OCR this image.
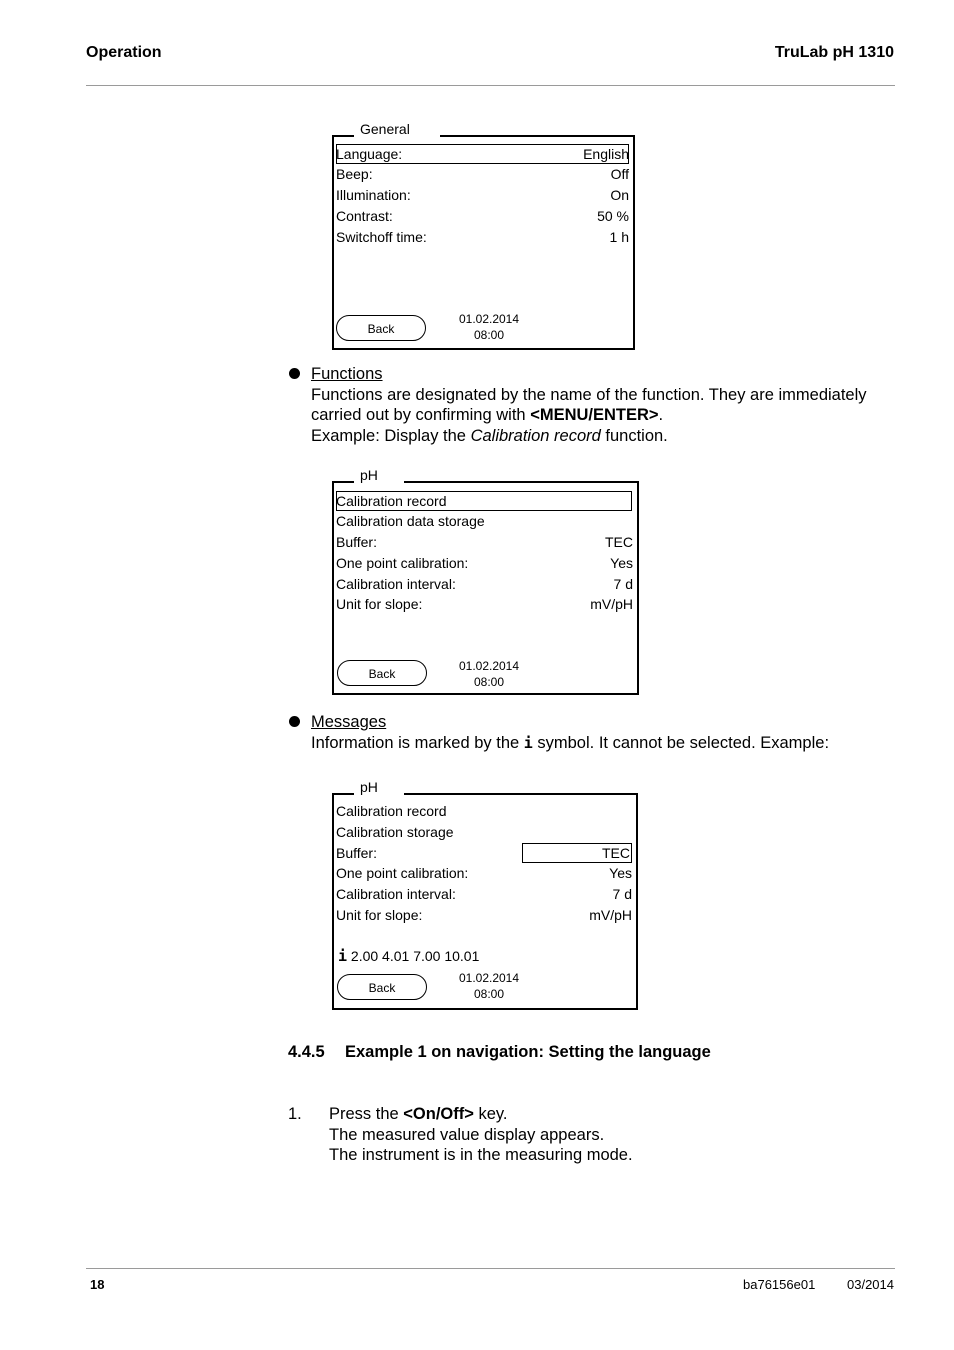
Operation	TruLab pH 1310
General
Language:	English
Beep:	Off
Illumination:	On
Contrast:	50 %
Switchoff time:	1 h
Back
01.02.2014
08:00
Functions
Functions are designated by the name of the function. They are immediately
carried out by confirming with <MENU/ENTER>.
Example: Display the Calibration record function.
pH
Calibration record
Calibration data storage
Buffer:	TEC
One point calibration:	Yes
Calibration interval:	7 d
Unit for slope:	mV/pH
Back
01.02.2014
08:00
Messages
Information is marked by the i symbol. It cannot be selected. Example:
pH
Calibration record
Calibration storage
Buffer:	TEC
One point calibration:	Yes
Calibration interval:	7 d
Unit for slope:	mV/pH
i 2.00 4.01 7.00 10.01
Back
01.02.2014
08:00
4.4.5 Example 1 on navigation: Setting the language
1. Press the <On/Off> key.
The measured value display appears.
The instrument is in the measuring mode.
18	ba76156e01 03/2014
